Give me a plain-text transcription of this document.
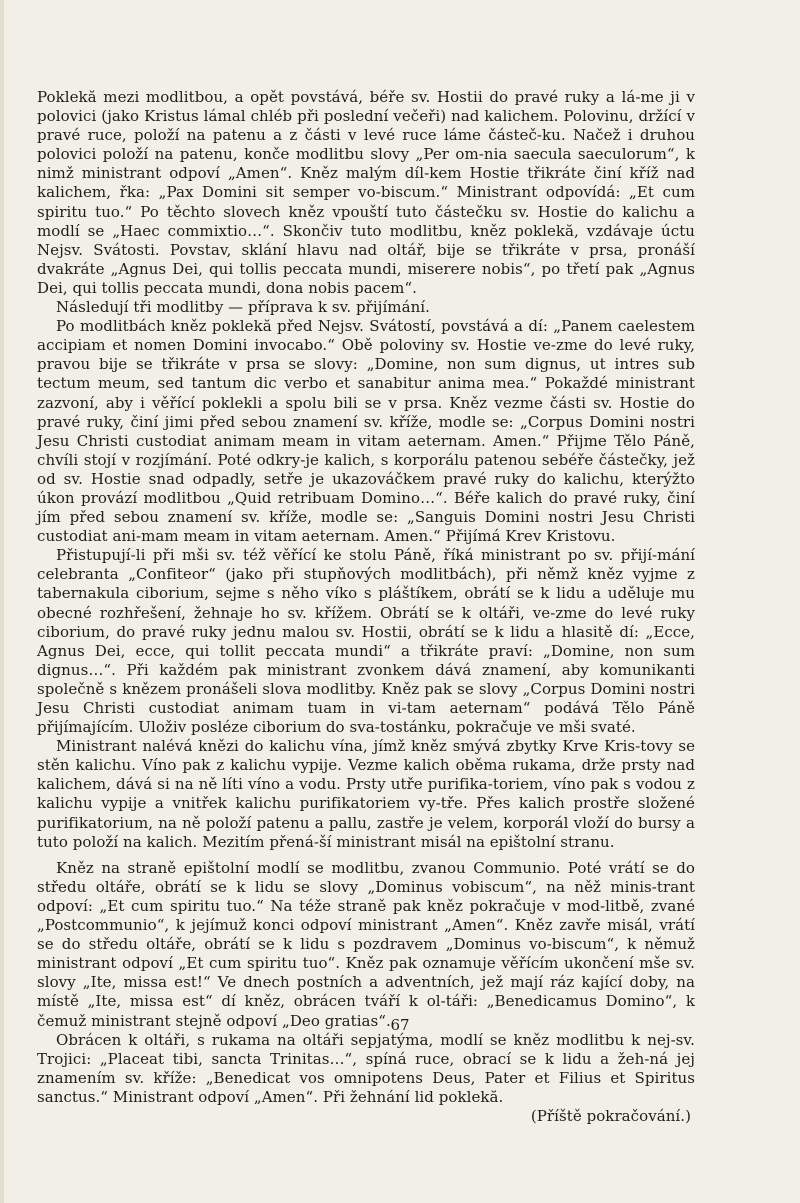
Poklekă mezi modlitbou, a opět povstává, béře sv. Hostii do pravé ruky a lá-me ji v polovici (jako Kristus lámal chléb při poslední večeři) nad kalichem. Polovinu, držící v pravé ruce, položí na patenu a z části v levé ruce láme částeč-ku. Načež i druhou polovici položí na patenu, konče modlitbu slovy „Per om-nia saecula saeculorum“, k nimž ministrant odpoví „Amen“. Kněz malým díl-kem Hostie třikráte činí kříž nad kalichem, řka: „Pax Domini sit semper vo-biscum.“ Ministrant odpovídá: „Et cum spiritu tuo.“ Po těchto slovech kněz vpouští tuto částečku sv. Hostie do kalichu a modlí se „Haec commixtio…“. Skončiv tuto modlitbu, kněz poklekă, vzdávaje úctu Nejsv. Svátosti. Povstav, sklání hlavu nad oltář, bije se třikráte v prsa, pronáší dvakráte „Agnus Dei, qui tollis peccata mundi, miserere nobis“, po třetí pak „Agnus Dei, qui tollis peccata mundi, dona nobis pacem“.

Následují tři modlitby — příprava k sv. přijímání.

Po modlitbách kněz poklekă před Nejsv. Svátostí, povstává a dí: „Panem caelestem accipiam et nomen Domini invocabo.“ Obě poloviny sv. Hostie ve-zme do levé ruky, pravou bije se třikráte v prsa se slovy: „Domine, non sum dignus, ut intres sub tectum meum, sed tantum dic verbo et sanabitur anima mea.“ Pokaždé ministrant zazvoní, aby i věřící poklekli a spolu bili se v prsa. Kněz vezme části sv. Hostie do pravé ruky, činí jimi před sebou znamení sv. kříže, modle se: „Corpus Domini nostri Jesu Christi custodiat animam meam in vitam aeternam. Amen.“ Přijme Tělo Páně, chvíli stojí v rozjímání. Poté odkry-je kalich, s korporálu patenou sebéře částečky, jež od sv. Hostie snad odpadly, setře je ukazováčkem pravé ruky do kalichu, kterýžto úkon provází modlitbou „Quid retribuam Domino…“. Béře kalich do pravé ruky, činí jím před sebou znamení sv. kříže, modle se: „Sanguis Domini nostri Jesu Christi custodiat ani-mam meam in vitam aeternam. Amen.“ Přijímá Krev Kristovu.

Přistupují-li při mši sv. též věřící ke stolu Páně, říká ministrant po sv. přijí-mání celebranta „Confiteor“ (jako při stupňových modlitbách), při němž kněz vyjme z tabernakula ciborium, sejme s něho víko s pláštíkem, obrátí se k lidu a uděluje mu obecné rozhřešení, žehnaje ho sv. křížem. Obrátí se k oltáři, ve-zme do levé ruky ciborium, do pravé ruky jednu malou sv. Hostii, obrátí se k lidu a hlasitě dí: „Ecce, Agnus Dei, ecce, qui tollit peccata mundi“ a třikráte praví: „Domine, non sum dignus…“. Při každém pak ministrant zvonkem dává znamení, aby komunikanti společně s knězem pronášeli slova modlitby. Kněz pak se slovy „Corpus Domini nostri Jesu Christi custodiat animam tuam in vi-tam aeternam“ podává Tělo Páně přijímajícím. Uloživ posléze ciborium do sva-tostánku, pokračuje ve mši svaté.

Ministrant nalévá knězi do kalichu vína, jímž kněz smývá zbytky Krve Kris-tovy se stěn kalichu. Víno pak z kalichu vypije. Vezme kalich oběma rukama, drže prsty nad kalichem, dává si na ně líti víno a vodu. Prsty utře purifika-toriem, víno pak s vodou z kalichu vypije a vnitřek kalichu purifikatoriem vy-tře. Přes kalich prostře složené purifikatorium, na ně položí patenu a pallu, zastře je velem, korporál vloží do bursy a tuto položí na kalich. Mezitím přená-ší ministrant misál na epištolní stranu.

Kněz na straně epištolní modlí se modlitbu, zvanou Communio. Poté vrátí se do středu oltáře, obrátí se k lidu se slovy „Dominus vobiscum“, na něž minis-trant odpoví: „Et cum spiritu tuo.“ Na téže straně pak kněz pokračuje v mod-litbě, zvané „Postcommunio“, k jejímuž konci odpoví ministrant „Amen“. Kněz zavře misál, vrátí se do středu oltáře, obrátí se k lidu s pozdravem „Dominus vo-biscum“, k němuž ministrant odpoví „Et cum spiritu tuo“. Kněz pak oznamuje věřícím ukončení mše sv. slovy „Ite, missa est!“ Ve dnech postních a adventních, jež mají ráz kající doby, na místě „Ite, missa est“ dí kněz, obrácen tváří k ol-táři: „Benedicamus Domino“, k čemuž ministrant stejně odpoví „Deo gratias“.

Obrácen k oltáři, s rukama na oltáři sepjatýma, modlí se kněz modlitbu k nej-sv. Trojici: „Placeat tibi, sancta Trinitas…“, spíná ruce, obrací se k lidu a žeh-ná jej znamením sv. kříže: „Benedicat vos omnipotens Deus, Pater et Filius et Spiritus sanctus.“ Ministrant odpoví „Amen“. Při žehnání lid poklekă.

(Příště pokračování.)

67
